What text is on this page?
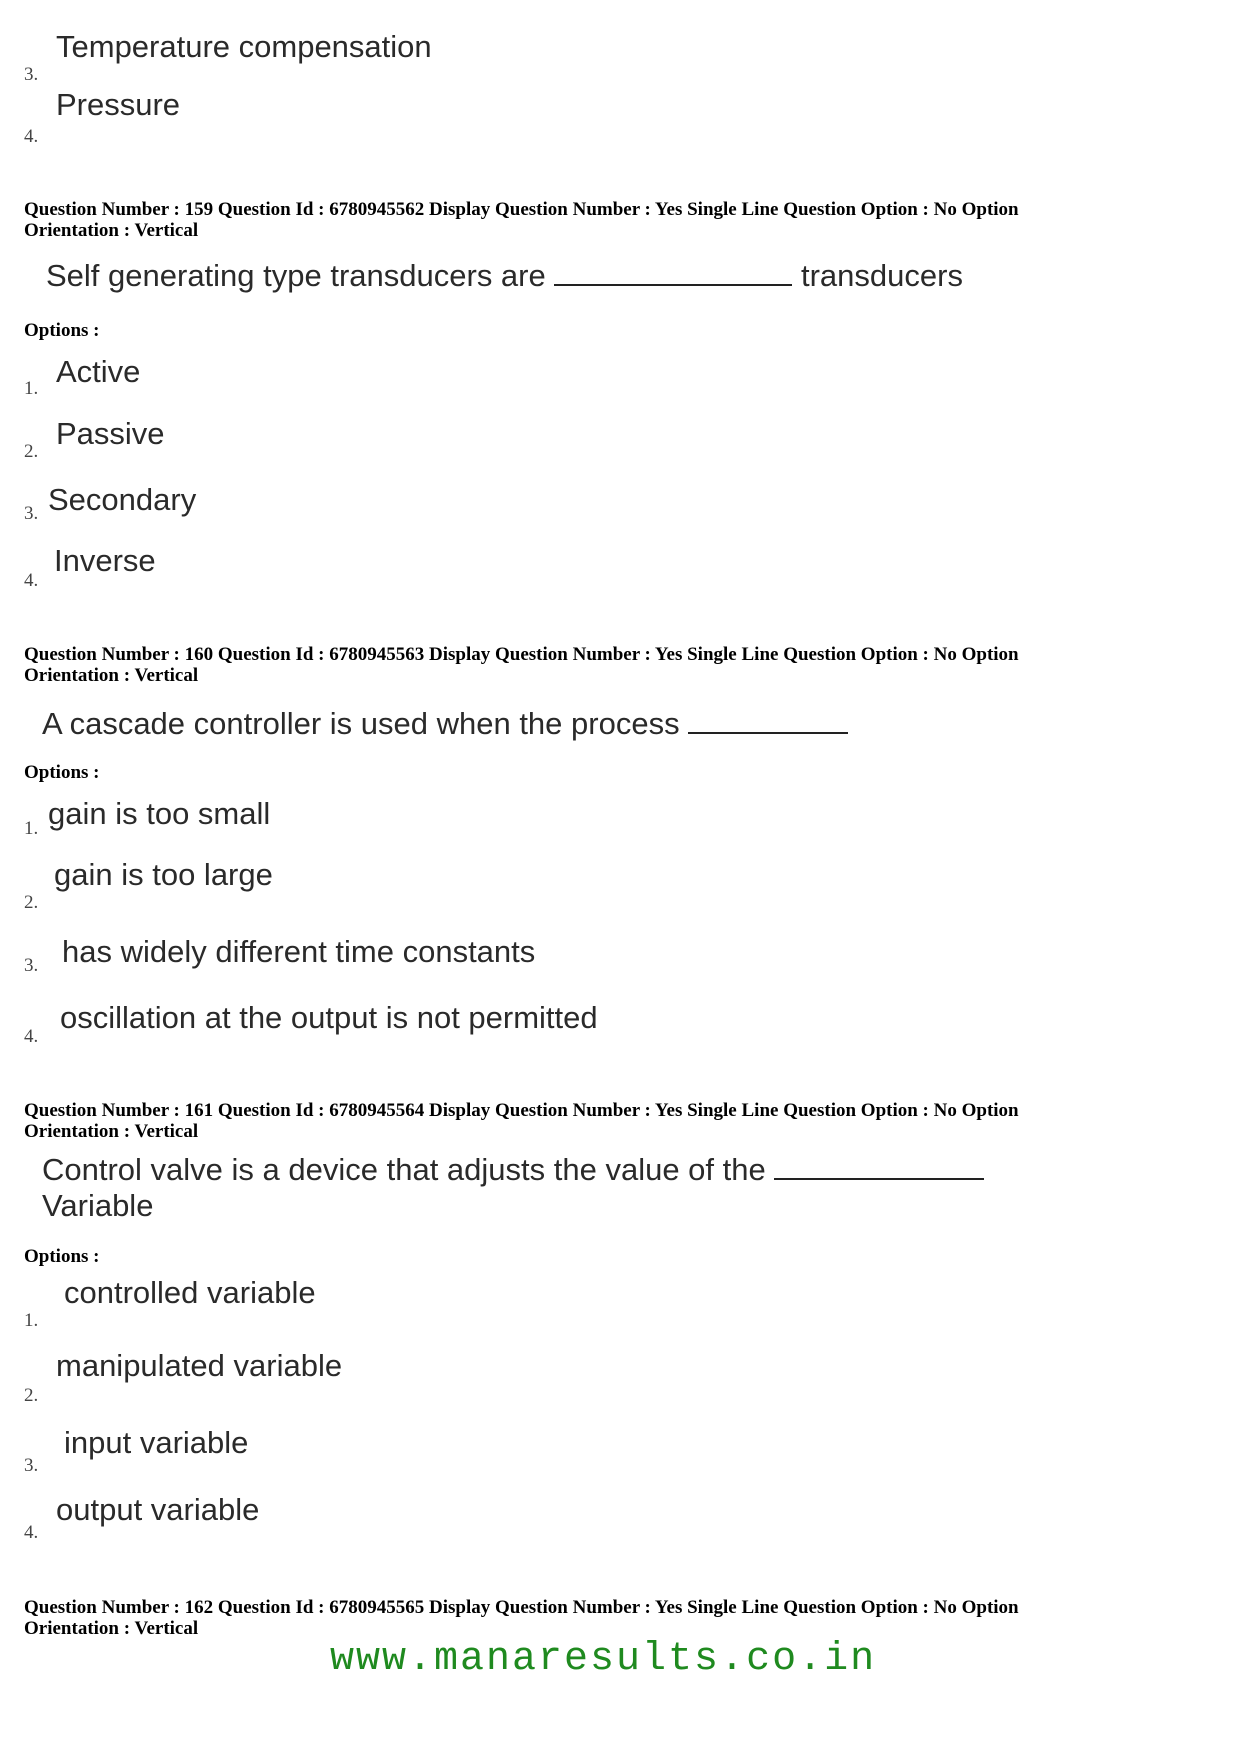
3.
Temperature compensation
4.
Pressure
Question Number : 159 Question Id : 6780945562 Display Question Number : Yes Single Line Question Option : No Option
Orientation : Vertical
Self generating type transducers are	transducers
Options :
1. Active
2.
Passive
3. Secondary
4.
Inverse
Question Number : 160 Question Id : 6780945563 Display Question Number : Yes Single Line Question Option : No Option
Orientation : Vertical
A cascade controller is used when the process
Options :
1. gain is too small
2.
gain is too large
3. has widely different time constants
4.
oscillation at the output is not permitted
Question Number : 161 Question Id : 6780945564 Display Question Number : Yes Single Line Question Option : No Option
Orientation : Vertical
Control valve is a device that adjusts the value of the
Variable
Options :
1.
controlled variable
2.
manipulated variable
3.
input variable
4.
output variable
Question Number : 162 Question Id : 6780945565 Display Question Number : Yes Single Line Question Option : No Option
Orientation : Vertical
www.manaresults.co.in
